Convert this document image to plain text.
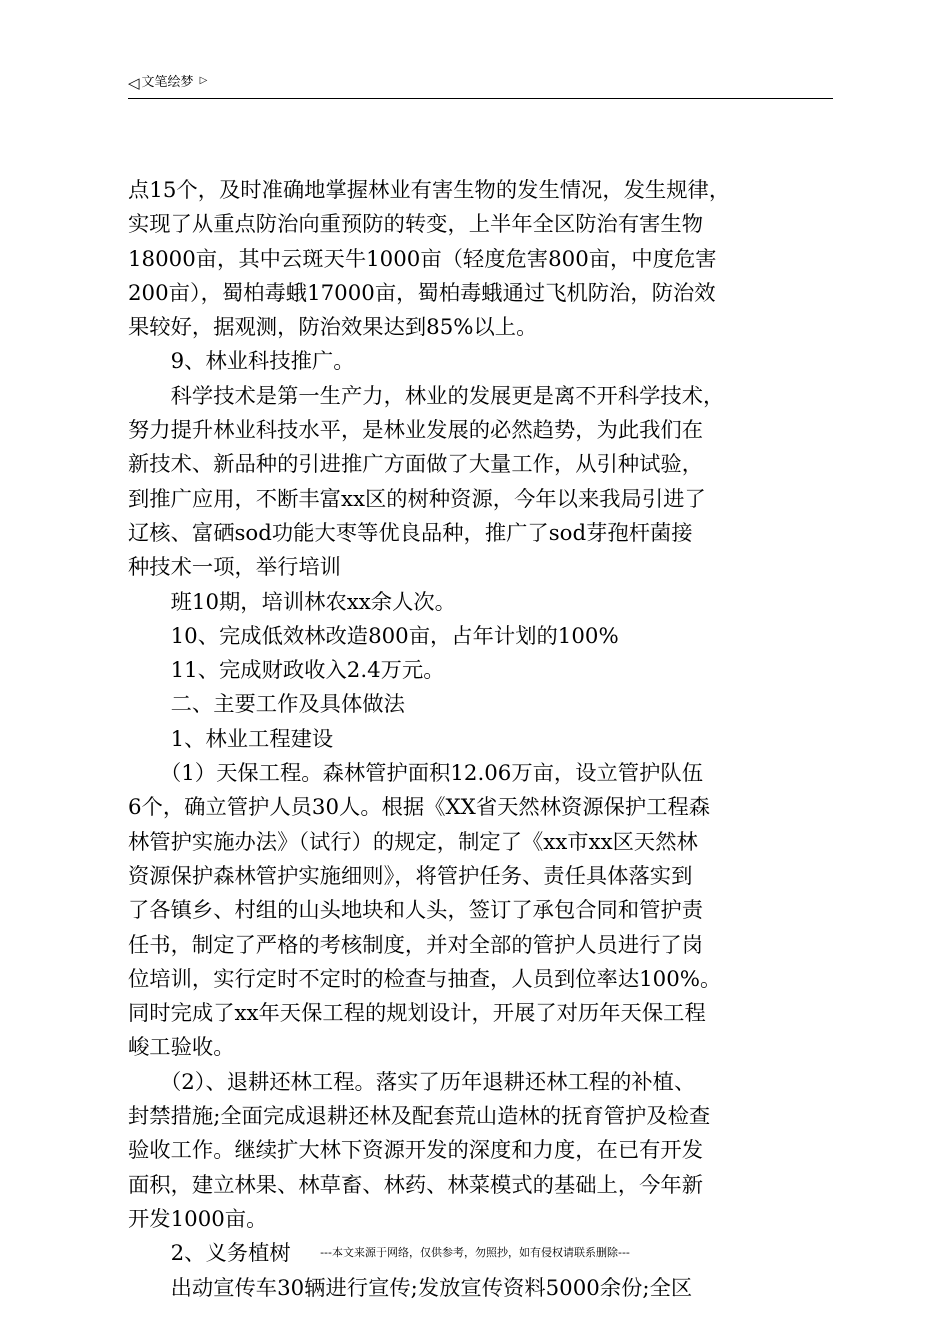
◁ 文笔绘梦 ▷

点15个，及时准确地掌握林业有害生物的发生情况，发生规律，

实现了从重点防治向重预防的转变，上半年全区防治有害生物

18000亩，其中云斑天牛1000亩（轻度危害800亩，中度危害

200亩），蜀柏毒蛾17000亩，蜀柏毒蛾通过飞机防治，防治效

果较好，据观测，防治效果达到85%以上。

　　9、林业科技推广。

　　科学技术是第一生产力，林业的发展更是离不开科学技术，

努力提升林业科技水平，是林业发展的必然趋势，为此我们在

新技术、新品种的引进推广方面做了大量工作，从引种试验，

到推广应用，不断丰富xx区的树种资源，今年以来我局引进了

辽核、富硒sod功能大枣等优良品种，推广了sod芽孢杆菌接

种技术一项，举行培训

　　班10期，培训林农xx余人次。

　　10、完成低效林改造800亩，占年计划的100%

　　11、完成财政收入2.4万元。

　　二、主要工作及具体做法

　　1、林业工程建设

　　（1）天保工程。森林管护面积12.06万亩，设立管护队伍

6个，确立管护人员30人。根据《XX省天然林资源保护工程森

林管护实施办法》（试行）的规定，制定了《xx市xx区天然林

资源保护森林管护实施细则》，将管护任务、责任具体落实到

了各镇乡、村组的山头地块和人头，签订了承包合同和管护责

任书，制定了严格的考核制度，并对全部的管护人员进行了岗

位培训，实行定时不定时的检查与抽查，人员到位率达100%。

同时完成了xx年天保工程的规划设计，开展了对历年天保工程

峻工验收。

　　（2）、退耕还林工程。落实了历年退耕还林工程的补植、

封禁措施;全面完成退耕还林及配套荒山造林的抚育管护及检查

验收工作。继续扩大林下资源开发的深度和力度，在已有开发

面积，建立林果、林草畜、林药、林菜模式的基础上，今年新

开发1000亩。

　　2、义务植树

　　出动宣传车30辆进行宣传;发放宣传资料5000余份;全区

---本文来源于网络，仅供参考，勿照抄，如有侵权请联系删除---
